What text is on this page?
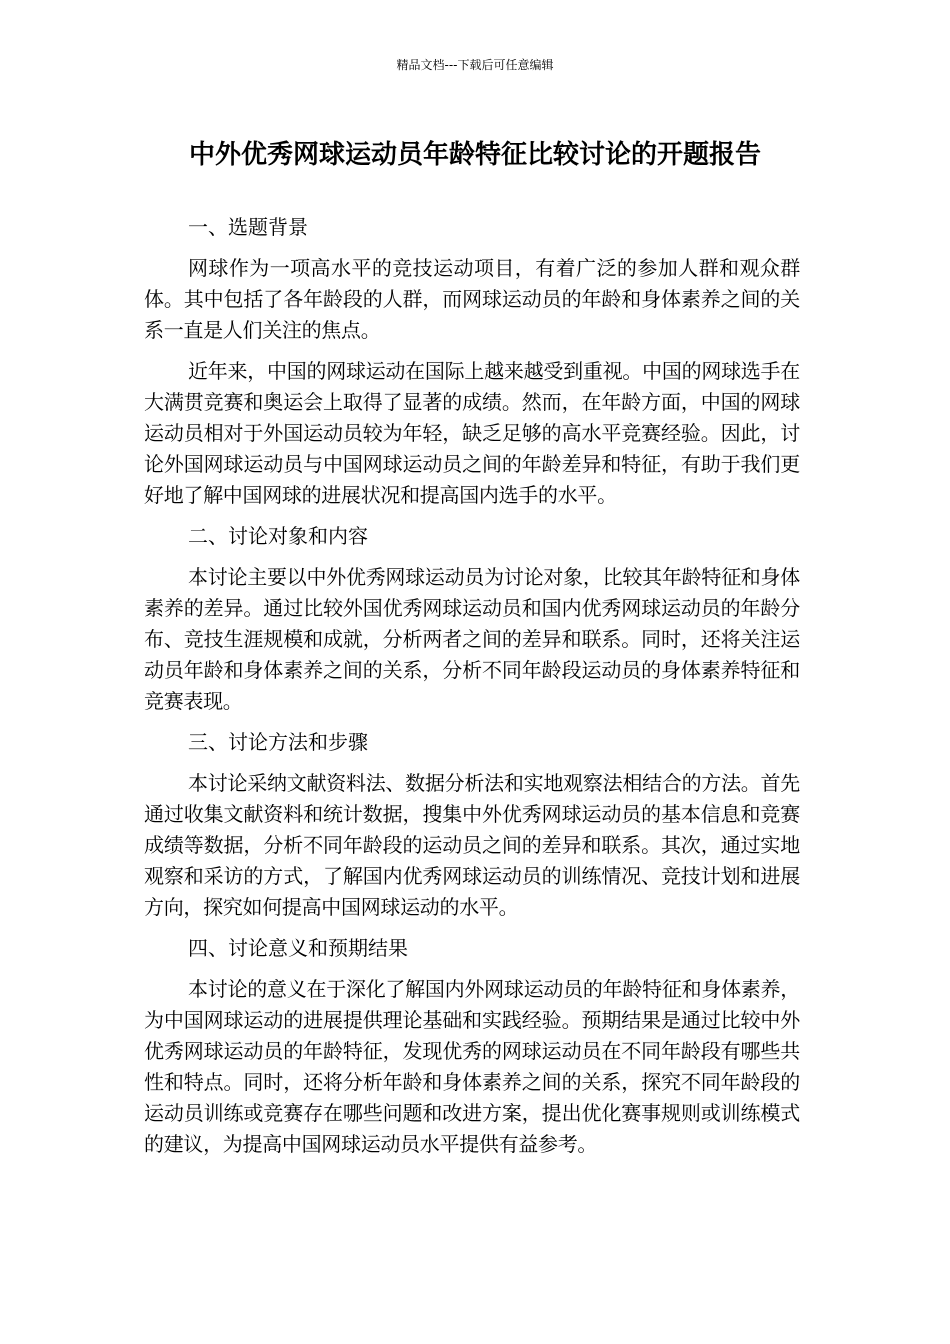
精品文档---下载后可任意编辑
中外优秀网球运动员年龄特征比较讨论的开题报告

一、选题背景

网球作为一项高水平的竞技运动项目，有着广泛的参加人群和观众群体。其中包括了各年龄段的人群，而网球运动员的年龄和身体素养之间的关系一直是人们关注的焦点。

近年来，中国的网球运动在国际上越来越受到重视。中国的网球选手在大满贯竞赛和奥运会上取得了显著的成绩。然而，在年龄方面，中国的网球运动员相对于外国运动员较为年轻，缺乏足够的高水平竞赛经验。因此，讨论外国网球运动员与中国网球运动员之间的年龄差异和特征，有助于我们更好地了解中国网球的进展状况和提高国内选手的水平。

二、讨论对象和内容

本讨论主要以中外优秀网球运动员为讨论对象，比较其年龄特征和身体素养的差异。通过比较外国优秀网球运动员和国内优秀网球运动员的年龄分布、竞技生涯规模和成就，分析两者之间的差异和联系。同时，还将关注运动员年龄和身体素养之间的关系，分析不同年龄段运动员的身体素养特征和竞赛表现。

三、讨论方法和步骤

本讨论采纳文献资料法、数据分析法和实地观察法相结合的方法。首先通过收集文献资料和统计数据，搜集中外优秀网球运动员的基本信息和竞赛成绩等数据，分析不同年龄段的运动员之间的差异和联系。其次，通过实地观察和采访的方式，了解国内优秀网球运动员的训练情况、竞技计划和进展方向，探究如何提高中国网球运动的水平。

四、讨论意义和预期结果

本讨论的意义在于深化了解国内外网球运动员的年龄特征和身体素养，为中国网球运动的进展提供理论基础和实践经验。预期结果是通过比较中外优秀网球运动员的年龄特征，发现优秀的网球运动员在不同年龄段有哪些共性和特点。同时，还将分析年龄和身体素养之间的关系，探究不同年龄段的运动员训练或竞赛存在哪些问题和改进方案，提出优化赛事规则或训练模式的建议，为提高中国网球运动员水平提供有益参考。
